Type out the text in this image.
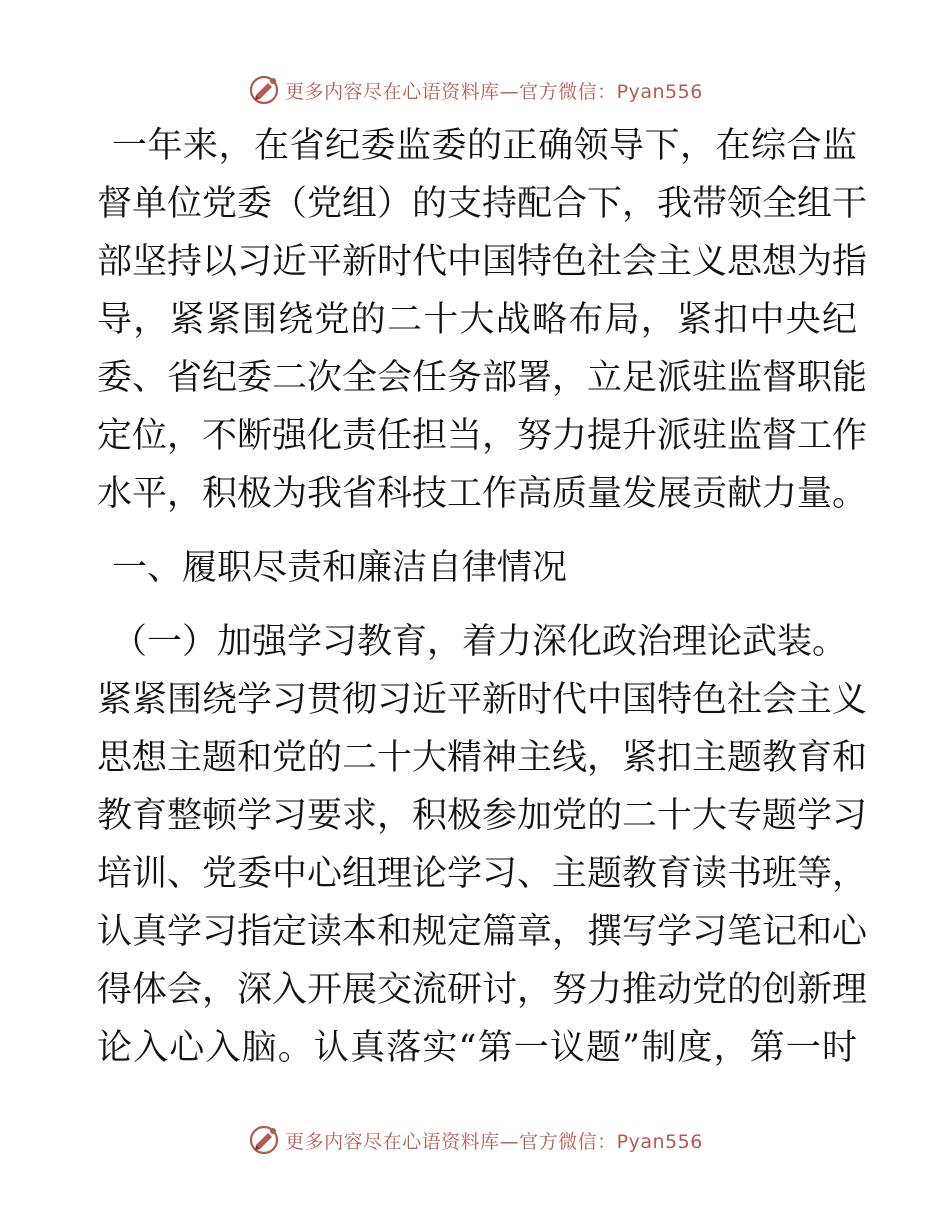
更多内容尽在心语资料库—官方微信：Pyan556
一年来，在省纪委监委的正确领导下，在综合监
督单位党委（党组）的支持配合下，我带领全组干
部坚持以习近平新时代中国特色社会主义思想为指
导，紧紧围绕党的二十大战略布局，紧扣中央纪
委、省纪委二次全会任务部署，立足派驻监督职能
定位，不断强化责任担当，努力提升派驻监督工作
水平，积极为我省科技工作高质量发展贡献力量。
一、履职尽责和廉洁自律情况
（一）加强学习教育，着力深化政治理论武装。
紧紧围绕学习贯彻习近平新时代中国特色社会主义
思想主题和党的二十大精神主线，紧扣主题教育和
教育整顿学习要求，积极参加党的二十大专题学习
培训、党委中心组理论学习、主题教育读书班等，
认真学习指定读本和规定篇章，撰写学习笔记和心
得体会，深入开展交流研讨，努力推动党的创新理
论入心入脑。认真落实“第一议题”制度，第一时
更多内容尽在心语资料库—官方微信：Pyan556
